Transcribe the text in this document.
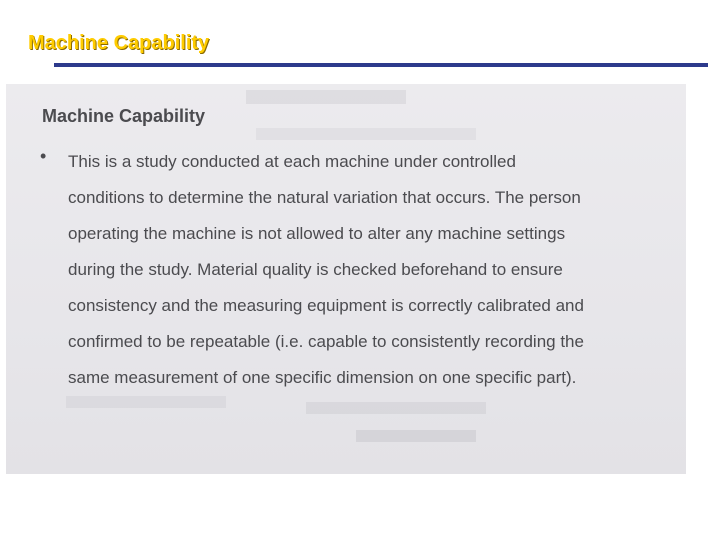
Machine Capability
Machine Capability
• This is a study conducted at each machine under controlled
conditions to determine the natural variation that occurs. The person
operating the machine is not allowed to alter any machine settings
during the study. Material quality is checked beforehand to ensure
consistency and the measuring equipment is correctly calibrated and
confirmed to be repeatable (i.e. capable to consistently recording the
same measurement of one specific dimension on one specific part).
